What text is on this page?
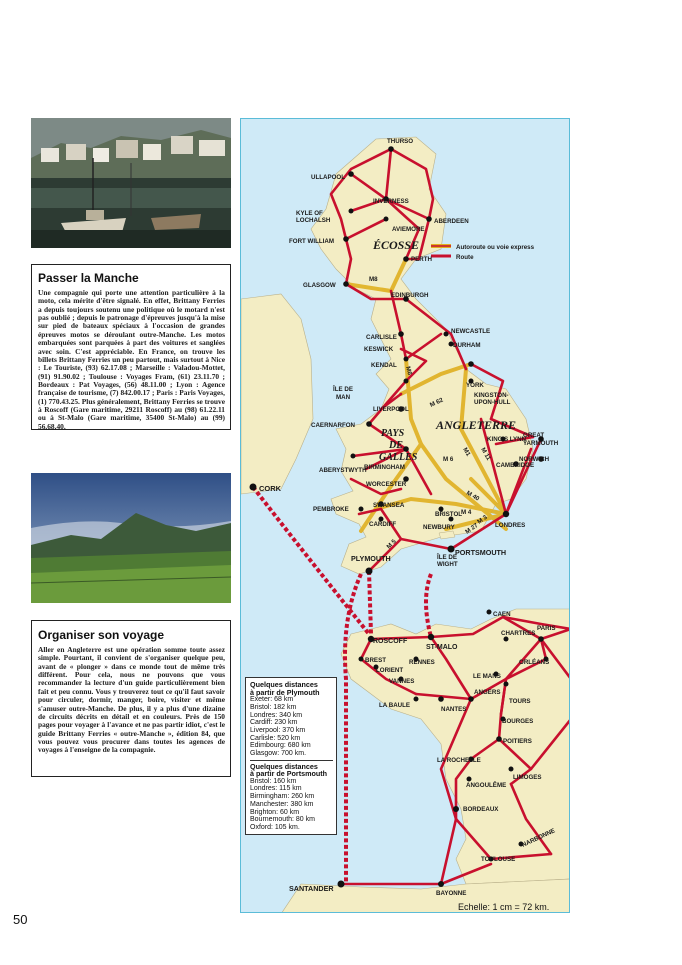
Passer la Manche

Une compagnie qui porte une attention particulière à la moto, cela mérite d'être signalé. En effet, Brittany Ferries a depuis toujours soutenu une politique où le motard n'est pas oublié ; depuis le patronage d'épreuves jusqu'à la mise sur pied de bateaux spéciaux à l'occasion de grandes épreuves motos se déroulant outre-Manche. Les motos embarquées sont parquées à part des voitures et sanglées avec soin. C'est appréciable. En France, on trouve les billets Brittany Ferries un peu partout, mais surtout à Nice : Le Touriste, (93) 62.17.08 ; Marseille : Valadou-Mottet, (91) 91.90.02 ; Toulouse : Voyages Fram, (61) 23.11.70 ; Bordeaux : Pat Voyages, (56) 48.11.00 ; Lyon : Agence française de tourisme, (7) 842.00.17 ; Paris : Paris Voyages, (1) 770.43.25. Plus généralement, Brittany Ferries se trouve à Roscoff (Gare maritime, 29211 Roscoff) au (98) 61.22.11 ou à St-Malo (Gare maritime, 35400 St-Malo) au (99) 56.68.40.

Organiser son voyage

Aller en Angleterre est une opération somme toute assez simple. Pourtant, il convient de s'organiser quelque peu, avant de « plonger » dans ce monde tout de même très différent. Pour cela, nous ne pouvons que vous recommander la lecture d'un guide particulièrement bien fait et peu connu. Vous y trouverez tout ce qu'il faut savoir pour circuler, dormir, manger, boire, visiter et même s'amuser outre-Manche. De plus, il y a plus d'une dizaine de circuits décrits en détail et en couleurs. Près de 150 pages pour voyager à l'avance et ne pas partir idiot, c'est le guide Brittany Ferries « outre-Manche », édition 84, que vous pouvez vous procurer dans toutes les agences de voyages à l'enseigne de la compagnie.

Autoroute ou voie express
Route
ÉCOSSE
ANGLETERRE
PAYS
DE
GALLES
M8
M6
M 62
M1
M 6	M 11
M 40
M 4
M 27
M 3
M 5
THURSO
ULLAPOOL
INVERNESS
KYLE OF
LOCHALSH
AVIEMORE
ABERDEEN
FORT WILLIAM
PERTH
GLASGOW
EDINBURGH
CARLISLE
KESWICK
NEWCASTLE
DURHAM
KENDAL
ÎLE DE
MAN
YORK
KINGSTON-
UPON-HULL
LIVERPOOL
CAERNARFON
KING'S LYNN
GREAT
YARMOUTH
NORWICH
CAMBRIDGE
BIRMINGHAM
ABERYSTWYTH
WORCESTER
CORK
PEMBROKE
SWANSEA
CARDIFF
BRISTOL
NEWBURY	LONDRES
PLYMOUTH
PORTSMOUTH
ÎLE DE
WIGHT
CAEN
PARIS
CHARTRES
ROSCOFF
ST-MALO
BREST	RENNES	ORLÉANS
LORIENT
LE MANS
VANNES
ANGERS
TOURS
LA BAULE
NANTES
BOURGES
POITIERS
LA ROCHELLE
LIMOGES
ANGOULÊME
BORDEAUX
NARBONNE
TOULOUSE
SANTANDER
BAYONNE
Quelques distances
à partir de Plymouth
Exeter: 68 km
Bristol: 182 km
Londres: 340 km
Cardiff: 230 km
Liverpool: 370 km
Carlisle: 520 km
Edimbourg: 680 km
Glasgow: 700 km.
Quelques distances
à partir de Portsmouth
Bristol: 160 km
Londres: 115 km
Birmingham: 260 km
Manchester: 380 km
Brighton: 60 km
Bournemouth: 80 km
Oxford: 105 km.
Echelle: 1 cm = 72 km.
50
